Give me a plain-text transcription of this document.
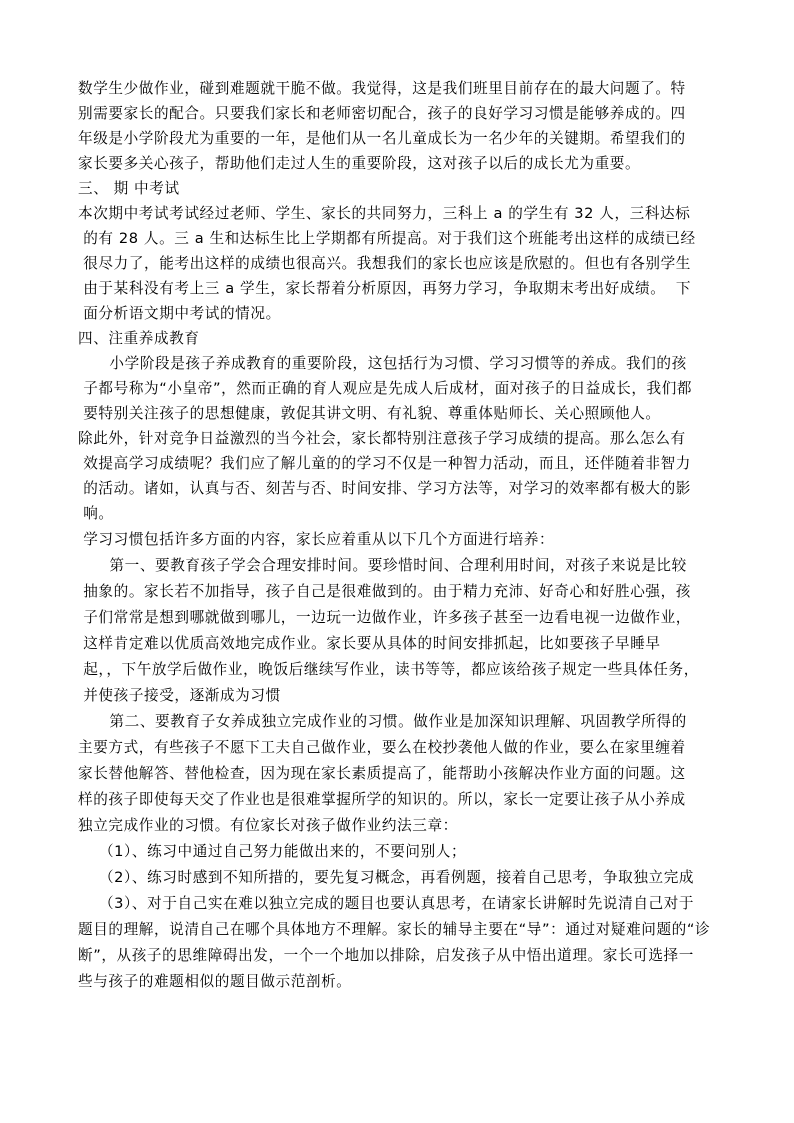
数学生少做作业，碰到难题就干脆不做。我觉得，这是我们班里目前存在的最大问题了。特
别需要家长的配合。只要我们家长和老师密切配合，孩子的良好学习习惯是能够养成的。四
年级是小学阶段尤为重要的一年，是他们从一名儿童成长为一名少年的关键期。希望我们的
家长要多关心孩子，帮助他们走过人生的重要阶段，这对孩子以后的成长尤为重要。
三、 期 中考试
本次期中考试考试经过老师、学生、家长的共同努力，三科上 a 的学生有 32 人，三科达标
的有 28 人。三 a 生和达标生比上学期都有所提高。对于我们这个班能考出这样的成绩已经
很尽力了，能考出这样的成绩也很高兴。我想我们的家长也应该是欣慰的。但也有各别学生
由于某科没有考上三 a 学生，家长帮着分析原因，再努力学习，争取期末考出好成绩。  下
面分析语文期中考试的情况。
四、注重养成教育
小学阶段是孩子养成教育的重要阶段，这包括行为习惯、学习习惯等的养成。我们的孩
子都号称为“小皇帝”，然而正确的育人观应是先成人后成材，面对孩子的日益成长，我们都
要特别关注孩子的思想健康，敦促其讲文明、有礼貌、尊重体贴师长、关心照顾他人。
除此外，针对竞争日益激烈的当今社会，家长都特别注意孩子学习成绩的提高。那么怎么有
效提高学习成绩呢？我们应了解儿童的的学习不仅是一种智力活动，而且，还伴随着非智力
的活动。诸如，认真与否、刻苦与否、时间安排、学习方法等，对学习的效率都有极大的影
响。
学习习惯包括许多方面的内容，家长应着重从以下几个方面进行培养：
第一、要教育孩子学会合理安排时间。要珍惜时间、合理利用时间，对孩子来说是比较
抽象的。家长若不加指导，孩子自己是很难做到的。由于精力充沛、好奇心和好胜心强，孩
子们常常是想到哪就做到哪儿，一边玩一边做作业，许多孩子甚至一边看电视一边做作业，
这样肯定难以优质高效地完成作业。家长要从具体的时间安排抓起，比如要孩子早睡早
起，，下午放学后做作业，晚饭后继续写作业，读书等等，都应该给孩子规定一些具体任务，
并使孩子接受，逐渐成为习惯
第二、要教育子女养成独立完成作业的习惯。做作业是加深知识理解、巩固教学所得的
主要方式，有些孩子不愿下工夫自己做作业，要么在校抄袭他人做的作业，要么在家里缠着
家长替他解答、替他检查，因为现在家长素质提高了，能帮助小孩解决作业方面的问题。这
样的孩子即使每天交了作业也是很难掌握所学的知识的。所以，家长一定要让孩子从小养成
独立完成作业的习惯。有位家长对孩子做作业约法三章：
（1）、练习中通过自己努力能做出来的，不要问别人；
（2）、练习时感到不知所措的，要先复习概念，再看例题，接着自己思考，争取独立完成
（3）、对于自己实在难以独立完成的题目也要认真思考，在请家长讲解时先说清自己对于
题目的理解，说清自己在哪个具体地方不理解。家长的辅导主要在“导”：通过对疑难问题的“诊
断”，从孩子的思维障碍出发，一个一个地加以排除，启发孩子从中悟出道理。家长可选择一
些与孩子的难题相似的题目做示范剖析。
